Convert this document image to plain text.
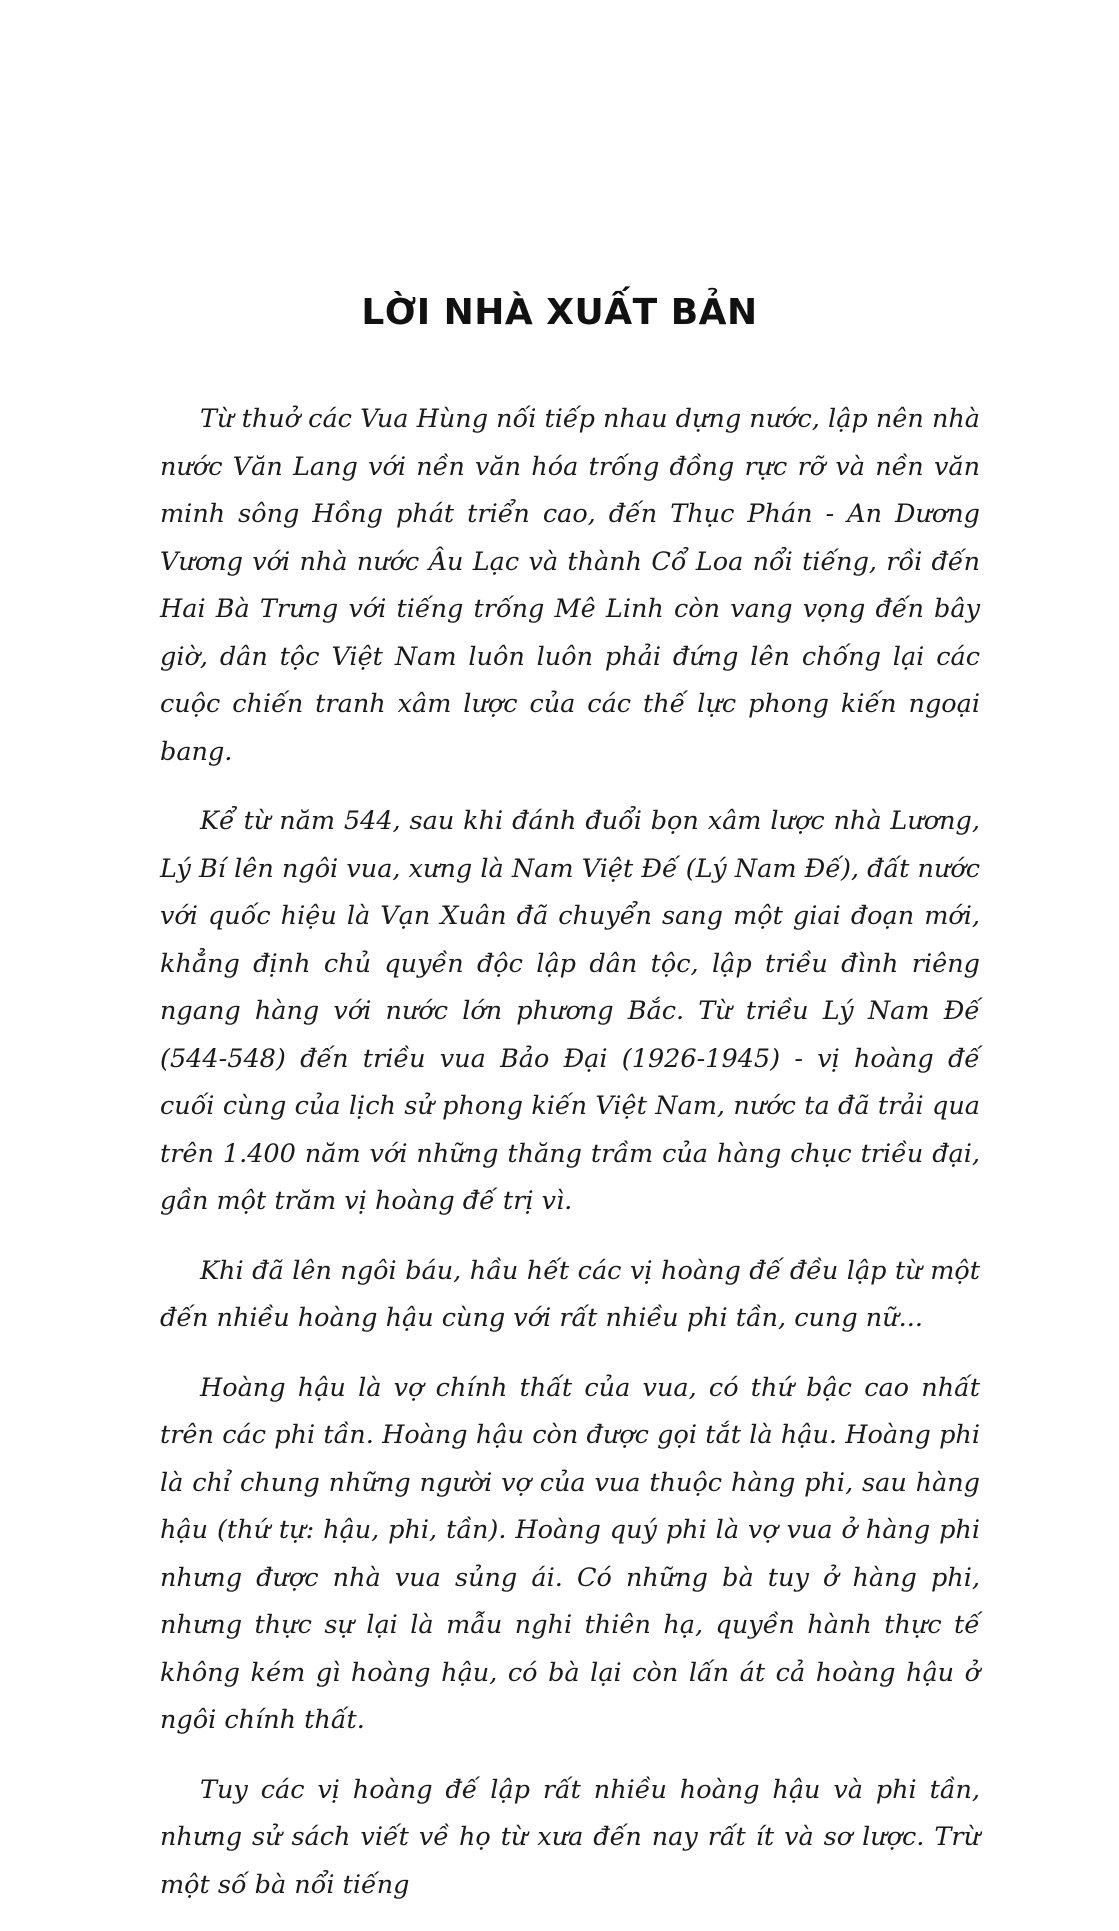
LỜI NHÀ XUẤT BẢN

Từ thuở các Vua Hùng nối tiếp nhau dựng nước, lập nên nhà nước Văn Lang với nền văn hóa trống đồng rực rỡ và nền văn minh sông Hồng phát triển cao, đến Thục Phán - An Dương Vương với nhà nước Âu Lạc và thành Cổ Loa nổi tiếng, rồi đến Hai Bà Trưng với tiếng trống Mê Linh còn vang vọng đến bây giờ, dân tộc Việt Nam luôn luôn phải đứng lên chống lại các cuộc chiến tranh xâm lược của các thế lực phong kiến ngoại bang.

Kể từ năm 544, sau khi đánh đuổi bọn xâm lược nhà Lương, Lý Bí lên ngôi vua, xưng là Nam Việt Đế (Lý Nam Đế), đất nước với quốc hiệu là Vạn Xuân đã chuyển sang một giai đoạn mới, khẳng định chủ quyền độc lập dân tộc, lập triều đình riêng ngang hàng với nước lớn phương Bắc. Từ triều Lý Nam Đế (544-548) đến triều vua Bảo Đại (1926-1945) - vị hoàng đế cuối cùng của lịch sử phong kiến Việt Nam, nước ta đã trải qua trên 1.400 năm với những thăng trầm của hàng chục triều đại, gần một trăm vị hoàng đế trị vì.

Khi đã lên ngôi báu, hầu hết các vị hoàng đế đều lập từ một đến nhiều hoàng hậu cùng với rất nhiều phi tần, cung nữ...

Hoàng hậu là vợ chính thất của vua, có thứ bậc cao nhất trên các phi tần. Hoàng hậu còn được gọi tắt là hậu. Hoàng phi là chỉ chung những người vợ của vua thuộc hàng phi, sau hàng hậu (thứ tự: hậu, phi, tần). Hoàng quý phi là vợ vua ở hàng phi nhưng được nhà vua sủng ái. Có những bà tuy ở hàng phi, nhưng thực sự lại là mẫu nghi thiên hạ, quyền hành thực tế không kém gì hoàng hậu, có bà lại còn lấn át cả hoàng hậu ở ngôi chính thất.

Tuy các vị hoàng đế lập rất nhiều hoàng hậu và phi tần, nhưng sử sách viết về họ từ xưa đến nay rất ít và sơ lược. Trừ một số bà nổi tiếng
